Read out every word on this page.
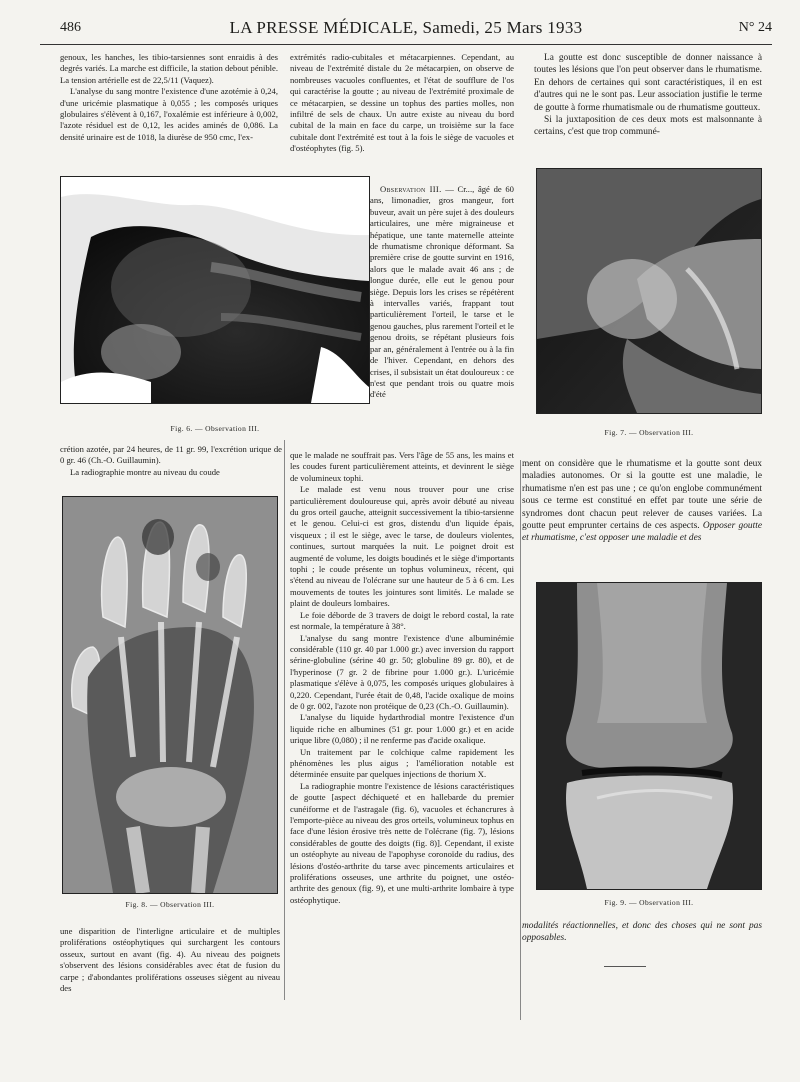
486	LA PRESSE MÉDICALE, Samedi, 25 Mars 1933	N° 24

genoux, les hanches, les tibio-tarsiennes sont enraidis à des degrés variés. La marche est difficile, la station debout pénible. La tension artérielle est de 22,5/11 (Vaquez).

L'analyse du sang montre l'existence d'une azotémie à 0,24, d'une uricémie plasmatique à 0,055 ; les composés uriques globulaires s'élèvent à 0,167, l'oxalémie est inférieure à 0,002, l'azote résiduel est de 0,12, les acides aminés de 0,086. La densité urinaire est de 1018, la diurèse de 950 cmc, l'ex-

extrémités radio-cubitales et métacarpiennes. Cependant, au niveau de l'extrémité distale du 2e métacarpien, on observe de nombreuses vacuoles confluentes, et l'état de soufflure de l'os qui caractérise la goutte ; au niveau de l'extrémité proximale de ce métacarpien, se dessine un tophus des parties molles, non infiltré de sels de chaux. Un autre existe au niveau du bord cubital de la main en face du carpe, un troisième sur la face cubitale dont l'extrémité est tout à la fois le siège de vacuoles et d'ostéophytes (fig. 5).

La goutte est donc susceptible de donner naissance à toutes les lésions que l'on peut observer dans le rhumatisme. En dehors de certaines qui sont caractéristiques, il en est d'autres qui ne le sont pas. Leur association justifie le terme de goutte à forme rhumatismale ou de rhumatisme goutteux.

Si la juxtaposition de ces deux mots est malsonnante à certains, c'est que trop communé-

Fig. 6. — Observation III.

Observation III. — Cr..., âgé de 60 ans, limonadier, gros mangeur, fort buveur, avait un père sujet à des douleurs articulaires, une mère migraineuse et hépatique, une tante maternelle atteinte de rhumatisme chronique déformant. Sa première crise de goutte survint en 1916, alors que le malade avait 46 ans ; de longue durée, elle eut le genou pour siège. Depuis lors les crises se répétèrent à intervalles variés, frappant tout particulièrement l'orteil, le tarse et le genou gauches, plus rarement l'orteil et le genou droits, se répétant plusieurs fois par an, généralement à l'entrée ou à la fin de l'hiver. Cependant, en dehors des crises, il subsistait un état douloureux : ce n'est que pendant trois ou quatre mois d'été

Fig. 7. — Observation III.

crétion azotée, par 24 heures, de 11 gr. 99, l'excrétion urique de 0 gr. 46 (Ch.-O. Guillaumin).

La radiographie montre au niveau du coude

que le malade ne souffrait pas. Vers l'âge de 55 ans, les mains et les coudes furent particulièrement atteints, et devinrent le siège de volumineux tophi.

Le malade est venu nous trouver pour une crise particulièrement douloureuse qui, après avoir débuté au niveau du gros orteil gauche, atteignit successivement la tibio-tarsienne et le genou. Celui-ci est gros, distendu d'un liquide épais, visqueux ; il est le siège, avec le tarse, de douleurs violentes, continues, surtout marquées la nuit. Le poignet droit est augmenté de volume, les doigts boudinés et le siège d'importants tophi ; le coude présente un tophus volumineux, récent, qui s'étend au niveau de l'olécrane sur une hauteur de 5 à 6 cm. Les mouvements de toutes les jointures sont limités. Le malade se plaint de douleurs lombaires.

Le foie déborde de 3 travers de doigt le rebord costal, la rate est normale, la température à 38°.

L'analyse du sang montre l'existence d'une albuminémie considérable (110 gr. 40 par 1.000 gr.) avec inversion du rapport sérine-globuline (sérine 40 gr. 50; globuline 89 gr. 80), et de l'hyperinose (7 gr. 2 de fibrine pour 1.000 gr.). L'uricémie plasmatique s'élève à 0,075, les composés uriques globulaires à 0,220. Cependant, l'urée était de 0,48, l'acide oxalique de moins de 0 gr. 002, l'azote non protéique de 0,23 (Ch.-O. Guillaumin).

L'analyse du liquide hydarthrodial montre l'existence d'un liquide riche en albumines (51 gr. pour 1.000 gr.) et en acide urique libre (0,080) ; il ne renferme pas d'acide oxalique.

Un traitement par le colchique calme rapidement les phénomènes les plus aigus ; l'amélioration notable est déterminée ensuite par quelques injections de thorium X.

La radiographie montre l'existence de lésions caractéristiques de goutte [aspect déchiqueté et en hallebarde du premier cunéiforme et de l'astragale (fig. 6), vacuoles et échancrures à l'emporte-pièce au niveau des gros orteils, volumineux tophus en face d'une lésion érosive très nette de l'olécrane (fig. 7), lésions considérables de goutte des doigts (fig. 8)]. Cependant, il existe un ostéophyte au niveau de l'apophyse coronoïde du radius, des lésions d'ostéo-arthrite du tarse avec pincements articulaires et proliférations osseuses, une arthrite du poignet, une ostéo-arthrite des genoux (fig. 9), et une multi-arthrite lombaire à type ostéophytique.

Fig. 8. — Observation III.

une disparition de l'interligne articulaire et de multiples proliférations ostéophytiques qui surchargent les contours osseux, surtout en avant (fig. 4). Au niveau des poignets s'observent des lésions considérables avec état de fusion du carpe ; d'abondantes proliférations osseuses siègent au niveau des

ment on considère que le rhumatisme et la goutte sont deux maladies autonomes. Or si la goutte est une maladie, le rhumatisme n'en est pas une ; ce qu'on englobe communément sous ce terme est constitué en effet par toute une série de syndromes dont chacun peut relever de causes variées. La goutte peut emprunter certains de ces aspects. Opposer goutte et rhumatisme, c'est opposer une maladie et des

Fig. 9. — Observation III.

modalités réactionnelles, et donc des choses qui ne sont pas opposables.
